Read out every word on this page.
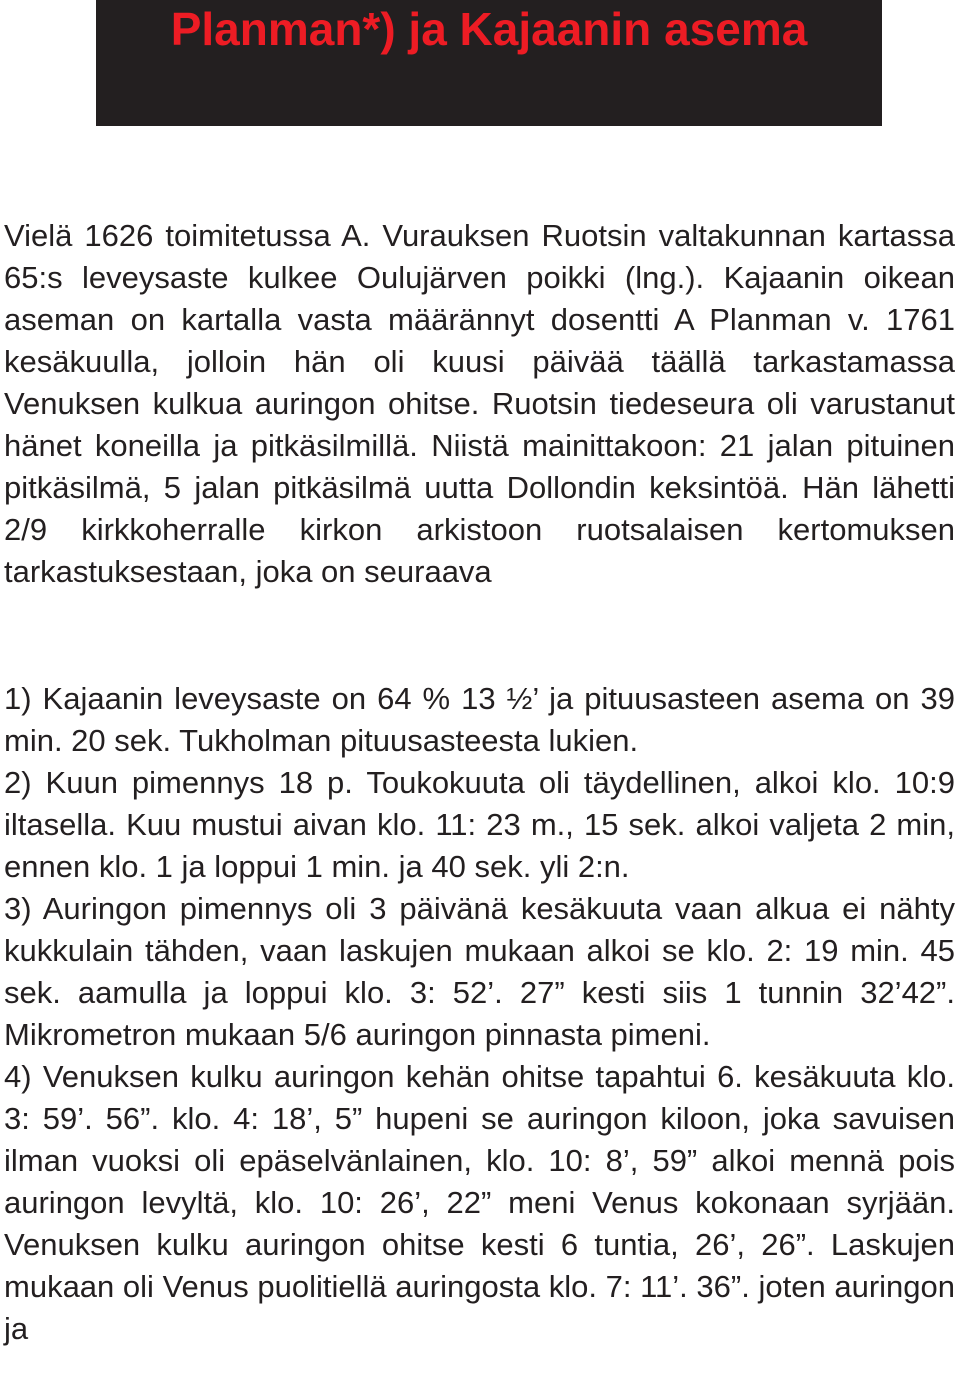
Planman*) ja Kajaanin asema

Vielä 1626 toimitetussa A. Vurauksen Ruotsin valtakunnan kartassa 65:s leveysaste kulkee Oulujärven poikki (lng.). Kajaanin oikean aseman on kartalla vasta määrännyt dosentti A Planman v. 1761 kesäkuulla, jolloin hän oli kuusi päivää täällä tarkastamassa Venuksen kulkua auringon ohitse. Ruotsin tiedeseura oli varustanut hänet koneilla ja pitkäsilmillä. Niistä mainittakoon: 21 jalan pituinen pitkäsilmä, 5 jalan pitkäsilmä uutta Dollondin keksintöä. Hän lähetti 2/9 kirkkoherralle kirkon arkistoon ruotsalaisen kertomuksen tarkastuksestaan, joka on seuraava

1) Kajaanin leveysaste on 64 % 13 ½’ ja pituusasteen asema on 39 min. 20 sek. Tukholman pituusasteesta lukien.

2) Kuun pimennys 18 p. Toukokuuta oli täydellinen, alkoi klo. 10:9 iltasella. Kuu mustui aivan klo. 11: 23 m., 15 sek. alkoi valjeta 2 min, ennen klo. 1 ja loppui 1 min. ja 40 sek. yli 2:n.

3) Auringon pimennys oli 3 päivänä kesäkuuta vaan alkua ei nähty kukkulain tähden, vaan laskujen mukaan alkoi se klo. 2: 19 min. 45 sek. aamulla ja loppui klo. 3: 52’. 27” kesti siis 1 tunnin 32’42”. Mikrometron mukaan 5/6 auringon pinnasta pimeni.

4) Venuksen kulku auringon kehän ohitse tapahtui 6. kesäkuuta klo. 3: 59’. 56”. klo. 4: 18’, 5” hupeni se auringon kiloon, joka savuisen ilman vuoksi oli epäselvänlainen, klo. 10: 8’, 59” alkoi mennä pois auringon levyltä, klo. 10: 26’, 22” meni Venus kokonaan syrjään. Venuksen kulku auringon ohitse kesti 6 tuntia, 26’, 26”. Laskujen mukaan oli Venus puolitiellä auringosta klo. 7: 11’. 36”. joten auringon ja
